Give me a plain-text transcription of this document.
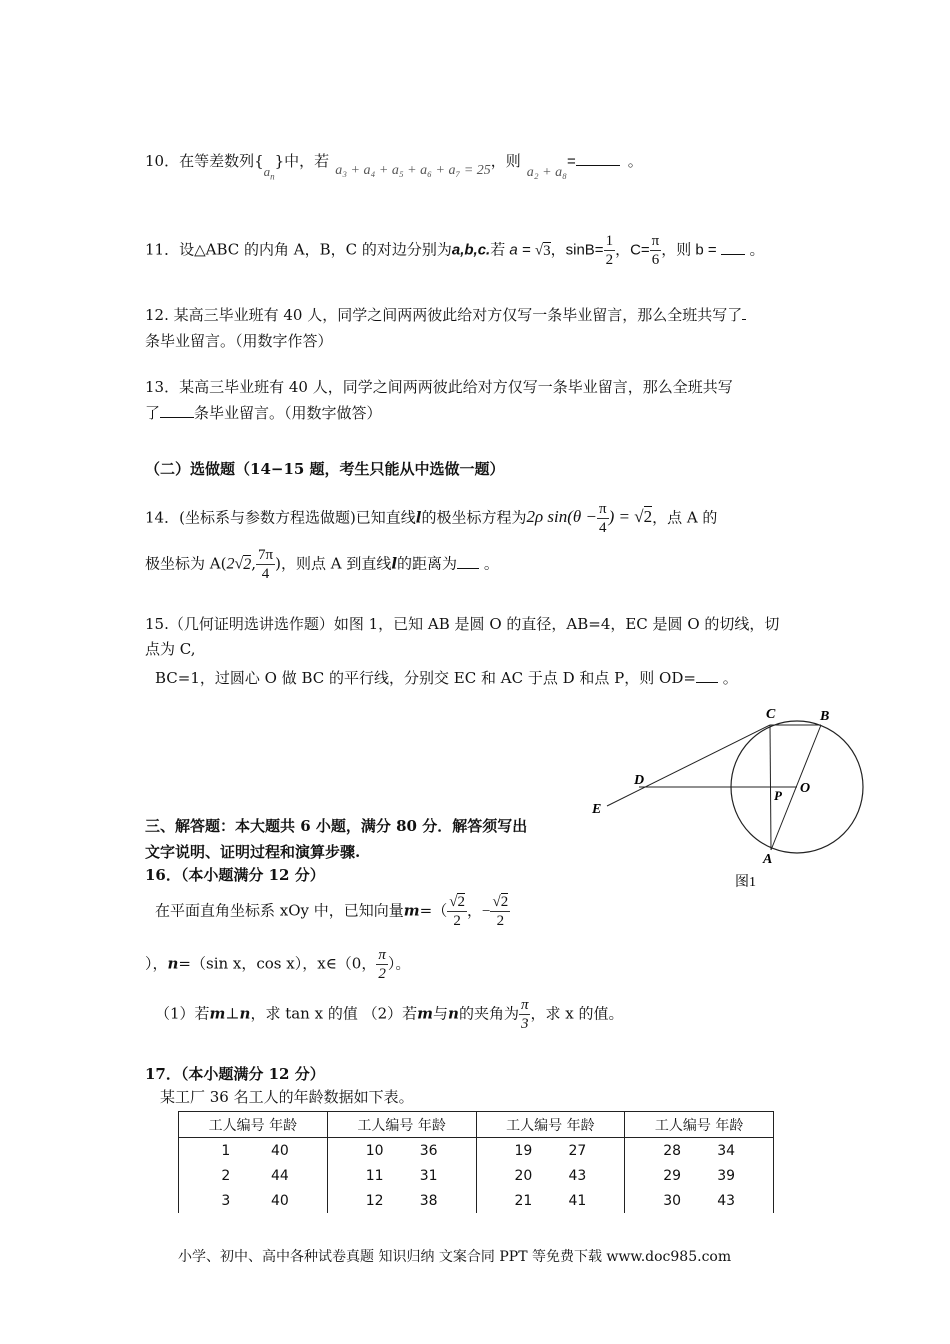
10．在等差数列$\{a_n\}$中，若a₃ + a₄ + a₅ + a₆ + a₇ = 25，则a₂ + a₈=	。
11．设△ABC 的内角 A，B，C 的对边分别为a,b,c.若 a = √3，$\sin B= \frac{1}{2}$ ，$C= \frac{\pi}{6}$ ，则 b = 。
12. 某高三毕业班有 40 人，同学之间两两彼此给对方仅写一条毕业留言，那么全班共写了
条毕业留言。（用数字作答）
13．某高三毕业班有 40 人，同学之间两两彼此给对方仅写一条毕业留言，那么全班共写
了 条毕业留言。（用数字做答）
（二）选做题（14−15 题，考生只能从中选做一题）
14．(坐标系与参数方程选做题)已知直线l的极坐标方程为2ρ $\sin(\theta - \frac{\pi}{4}$ ) = √2，点 A 的
极坐标为 A(2√2, $\frac{7\pi}{4}$ )，则点 A 到直线l的距离为 。
15.（几何证明选讲选作题）如图 1，已知 AB 是圆 O 的直径，AB=4，EC 是圆 O 的切线，切
点为 C,
BC=1，过圆心 O 做 BC 的平行线，分别交 EC 和 AC 于点 D 和点 P，则 OD= 。
C	B
D
O
P
E
A
图1
三、解答题：本大题共 6 小题，满分 80 分．解答须写出
文字说明、证明过程和演算步骤.
16．（本小题满分 12 分）
在平面直角坐标系 xOy 中，已知向量$m=( \frac{√2}{2}$ ，− $\frac{√2}{2}$
），n=（sin x，cos x），x∈（0， $\frac{\pi}{2}$ ）。
（1）若m⊥n，求 tan x 的值 （2）若m与n的夹角为 $\frac{\pi}{3}$ ，求 x 的值。
17．（本小题满分 12 分）
某工厂 36 名工人的年龄数据如下表。
工人编号 年龄	工人编号 年龄	工人编号 年龄	工人编号 年龄

1 40	10 36	19 27	28 34

2 44	11 31	20 43	29 39

3 40	12 38	21 41	30 43
小学、初中、高中各种试卷真题 知识归纳 文案合同 PPT 等免费下载 www.doc985.com
